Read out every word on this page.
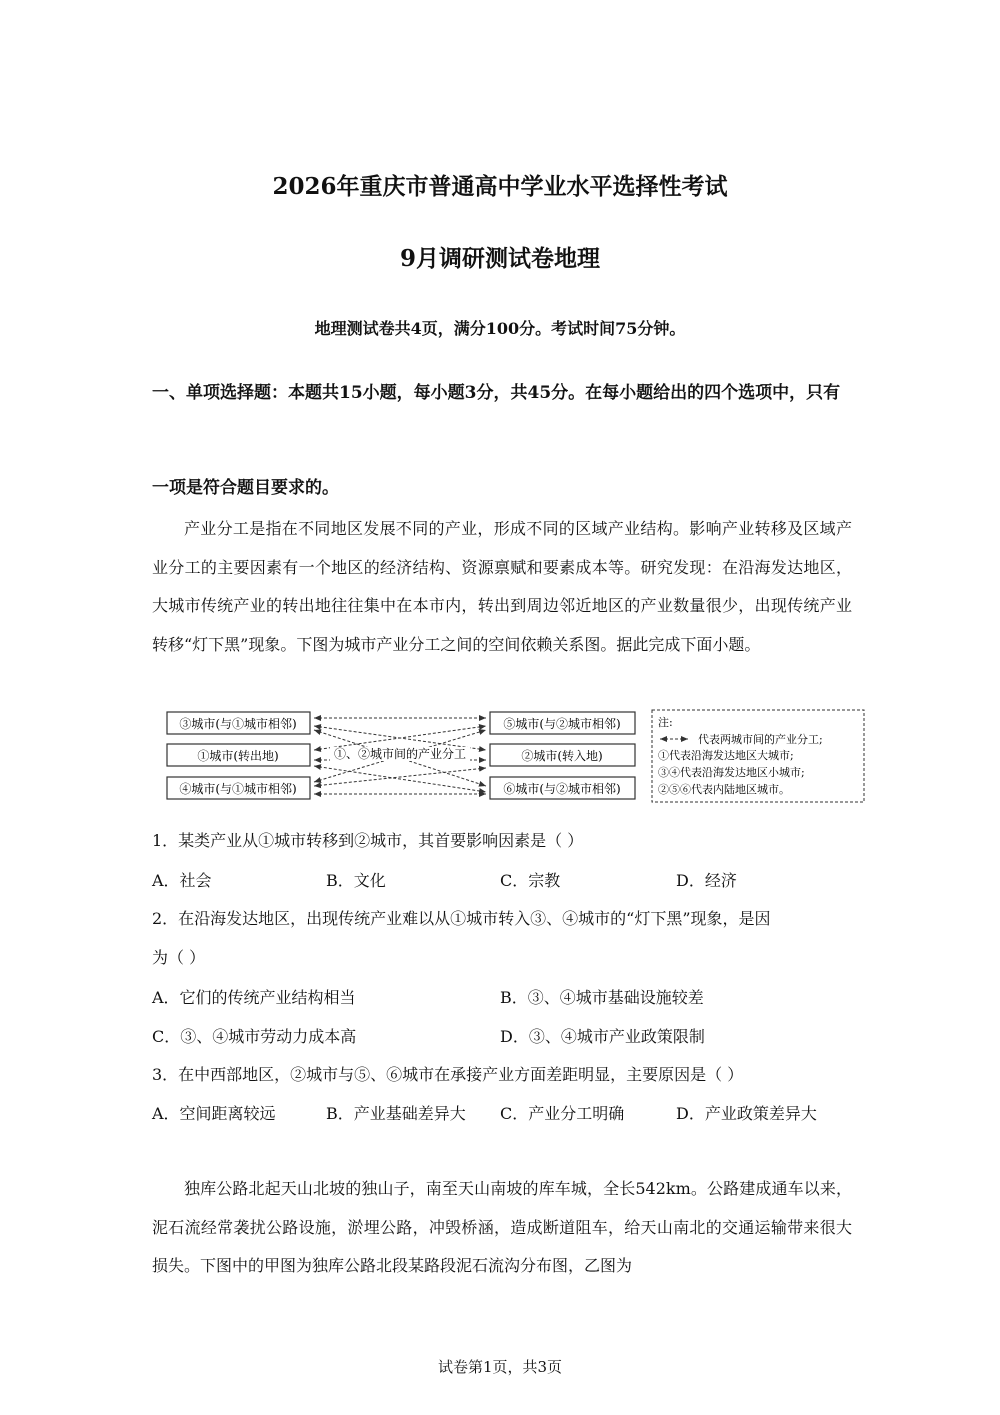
2026年重庆市普通高中学业水平选择性考试
9月调研测试卷地理
地理测试卷共4页，满分100分。考试时间75分钟。
一、单项选择题：本题共15小题，每小题3分，共45分。在每小题给出的四个选项中，只有一项是符合题目要求的。
产业分工是指在不同地区发展不同的产业，形成不同的区域产业结构。影响产业转移及区域产业分工的主要因素有一个地区的经济结构、资源禀赋和要素成本等。研究发现：在沿海发达地区，大城市传统产业的转出地往往集中在本市内，转出到周边邻近地区的产业数量很少，出现传统产业转移“灯下黑”现象。下图为城市产业分工之间的空间依赖关系图。据此完成下面小题。
③城市(与①城市相邻)
①城市(转出地)
④城市(与①城市相邻)
⑤城市(与②城市相邻)
②城市(转入地)
⑥城市(与②城市相邻)
①、②城市间的产业分工
注:
代表两城市间的产业分工;
①代表沿海发达地区大城市;
③④代表沿海发达地区小城市;
②⑤⑥代表内陆地区城市。
1．某类产业从①城市转移到②城市，其首要影响因素是（ ）
A．社会	B．文化	C．宗教	D．经济
2．在沿海发达地区，出现传统产业难以从①城市转入③、④城市的“灯下黑”现象，是因
为（ ）
A．它们的传统产业结构相当	B．③、④城市基础设施较差
C．③、④城市劳动力成本高	D．③、④城市产业政策限制
3．在中西部地区，②城市与⑤、⑥城市在承接产业方面差距明显，主要原因是（ ）
A．空间距离较远	B．产业基础差异大 C．产业分工明确	D．产业政策差异大
独库公路北起天山北坡的独山子，南至天山南坡的库车城，全长542km。公路建成通车以来，泥石流经常袭扰公路设施，淤埋公路，冲毁桥涵，造成断道阻车，给天山南北的交通运输带来很大损失。下图中的甲图为独库公路北段某路段泥石流沟分布图，乙图为
试卷第1页，共3页
